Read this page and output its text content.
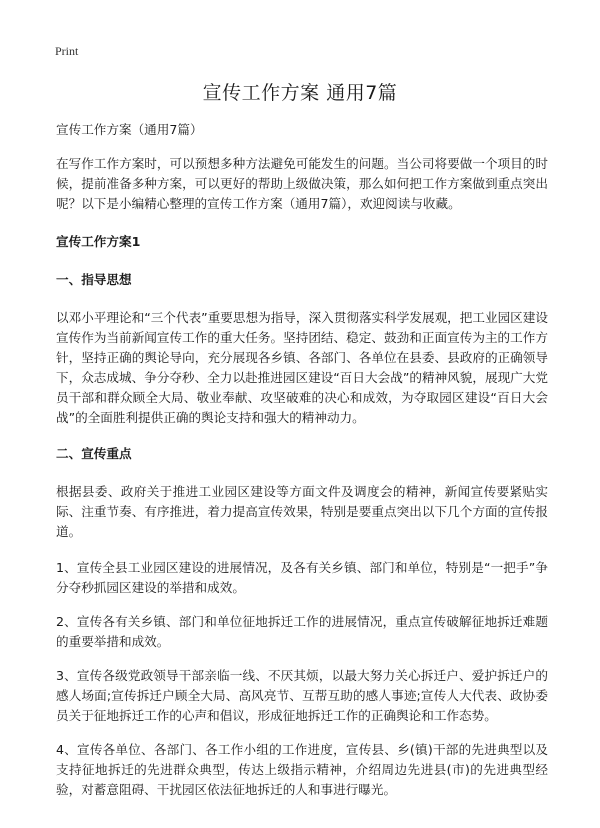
Print
宣传工作方案 通用7篇

宣传工作方案（通用7篇）

在写作工作方案时，可以预想多种方法避免可能发生的问题。当公司将要做一个项目的时候，提前准备多种方案，可以更好的帮助上级做决策，那么如何把工作方案做到重点突出呢？以下是小编精心整理的宣传工作方案（通用7篇），欢迎阅读与收藏。

宣传工作方案1

一、指导思想

以邓小平理论和“三个代表”重要思想为指导，深入贯彻落实科学发展观，把工业园区建设宣传作为当前新闻宣传工作的重大任务。坚持团结、稳定、鼓劲和正面宣传为主的工作方针，坚持正确的舆论导向，充分展现各乡镇、各部门、各单位在县委、县政府的正确领导下，众志成城、争分夺秒、全力以赴推进园区建设“百日大会战”的精神风貌，展现广大党员干部和群众顾全大局、敬业奉献、攻坚破难的决心和成效，为夺取园区建设“百日大会战”的全面胜利提供正确的舆论支持和强大的精神动力。

二、宣传重点

根据县委、政府关于推进工业园区建设等方面文件及调度会的精神，新闻宣传要紧贴实际、注重节奏、有序推进，着力提高宣传效果，特别是要重点突出以下几个方面的宣传报道。

1、宣传全县工业园区建设的进展情况，及各有关乡镇、部门和单位，特别是“一把手”争分夺秒抓园区建设的举措和成效。

2、宣传各有关乡镇、部门和单位征地拆迁工作的进展情况，重点宣传破解征地拆迁难题的重要举措和成效。

3、宣传各级党政领导干部亲临一线、不厌其烦，以最大努力关心拆迁户、爱护拆迁户的感人场面;宣传拆迁户顾全大局、高风亮节、互帮互助的感人事迹;宣传人大代表、政协委员关于征地拆迁工作的心声和倡议，形成征地拆迁工作的正确舆论和工作态势。

4、宣传各单位、各部门、各工作小组的工作进度，宣传县、乡(镇)干部的先进典型以及支持征地拆迁的先进群众典型，传达上级指示精神，介绍周边先进县(市)的先进典型经验，对蓄意阻碍、干扰园区依法征地拆迁的人和事进行曝光。
